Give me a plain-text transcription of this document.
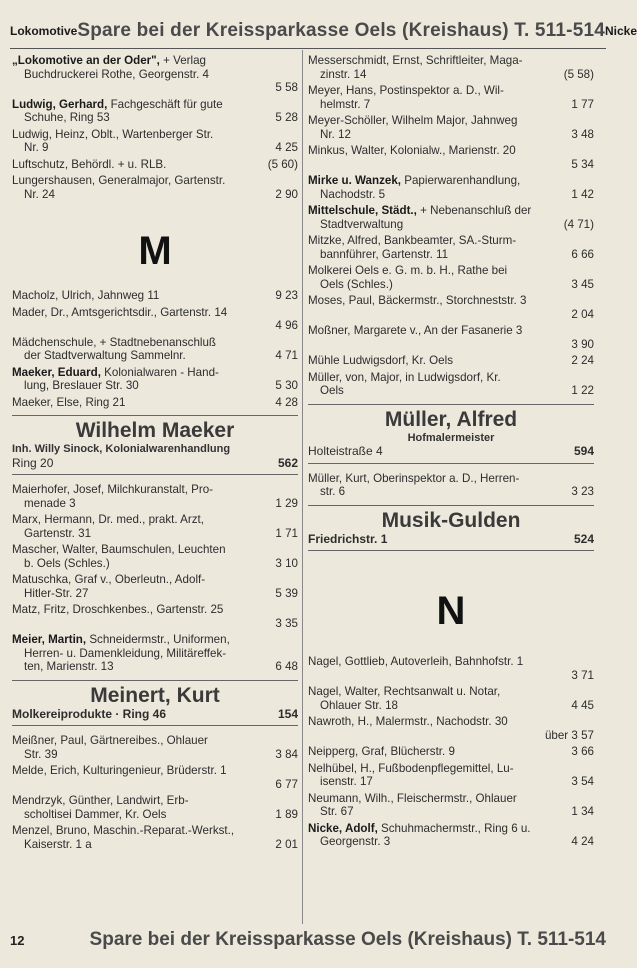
Lokomotive Spare bei der Kreissparkasse Oels (Kreishaus) T. 511-514 Nicke
„Lokomotive an der Oder", + Verlag
Buchdruckerei Rothe, Georgenstr. 4
5 58
Ludwig, Gerhard, Fachgeschäft für gute
Schuhe, Ring 53	5 28
Ludwig, Heinz, Oblt., Wartenberger Str.
Nr. 9	4 25
Luftschutz, Behördl. + u. RLB.	(5 60)
Lungershausen, Generalmajor, Gartenstr.
Nr. 24	2 90
M
Macholz, Ulrich, Jahnweg 11	9 23
Mader, Dr., Amtsgerichtsdir., Gartenstr. 14
4 96
Mädchenschule, + Stadtnebenanschluß
der Stadtverwaltung Sammelnr.	4 71
Maeker, Eduard, Kolonialwaren - Hand-
lung, Breslauer Str. 30	5 30
Maeker, Else, Ring 21	4 28
Wilhelm Maeker
Inh. Willy Sinock, Kolonialwarenhandlung
Ring 20	562
Maierhofer, Josef, Milchkuranstalt, Pro-
menade 3	1 29
Marx, Hermann, Dr. med., prakt. Arzt,
Gartenstr. 31	1 71
Mascher, Walter, Baumschulen, Leuchten
b. Oels (Schles.)	3 10
Matuschka, Graf v., Oberleutn., Adolf-
Hitler-Str. 27	5 39
Matz, Fritz, Droschkenbes., Gartenstr. 25
3 35
Meier, Martin, Schneidermstr., Uniformen,
Herren- u. Damenkleidung, Militäreffek-
ten, Marienstr. 13	6 48
Meinert, Kurt
Molkereiprodukte · Ring 46	154
Meißner, Paul, Gärtnereibes., Ohlauer
Str. 39	3 84
Melde, Erich, Kulturingenieur, Brüderstr. 1
6 77
Mendrzyk, Günther, Landwirt, Erb-
scholtisei Dammer, Kr. Oels	1 89
Menzel, Bruno, Maschin.-Reparat.-Werkst.,
Kaiserstr. 1 a	2 01
Messerschmidt, Ernst, Schriftleiter, Maga-
zinstr. 14	(5 58)
Meyer, Hans, Postinspektor a. D., Wil-
helmstr. 7	1 77
Meyer-Schöller, Wilhelm Major, Jahnweg
Nr. 12	3 48
Minkus, Walter, Kolonialw., Marienstr. 20
5 34
Mirke u. Wanzek, Papierwarenhandlung,
Nachodstr. 5	1 42
Mittelschule, Städt., + Nebenanschluß der
Stadtverwaltung	(4 71)
Mitzke, Alfred, Bankbeamter, SA.-Sturm-
bannführer, Gartenstr. 11	6 66
Molkerei Oels e. G. m. b. H., Rathe bei
Oels (Schles.)	3 45
Moses, Paul, Bäckermstr., Storchneststr. 3
2 04
Moßner, Margarete v., An der Fasanerie 3
3 90
Mühle Ludwigsdorf, Kr. Oels	2 24
Müller, von, Major, in Ludwigsdorf, Kr.
Oels	1 22
Müller, Alfred
Hofmalermeister
Holteistraße 4	594
Müller, Kurt, Oberinspektor a. D., Herren-
str. 6	3 23
Musik-Gulden
Friedrichstr. 1	524
N
Nagel, Gottlieb, Autoverleih, Bahnhofstr. 1
3 71
Nagel, Walter, Rechtsanwalt u. Notar,
Ohlauer Str. 18	4 45
Nawroth, H., Malermstr., Nachodstr. 30
über 3 57
Neipperg, Graf, Blücherstr. 9	3 66
Nelhübel, H., Fußbodenpflegemittel, Lu-
isenstr. 17	3 54
Neumann, Wilh., Fleischermstr., Ohlauer
Str. 67	1 34
Nicke, Adolf, Schuhmachermstr., Ring 6 u.
Georgenstr. 3	4 24
12	Spare bei der Kreissparkasse Oels (Kreishaus) T. 511-514
